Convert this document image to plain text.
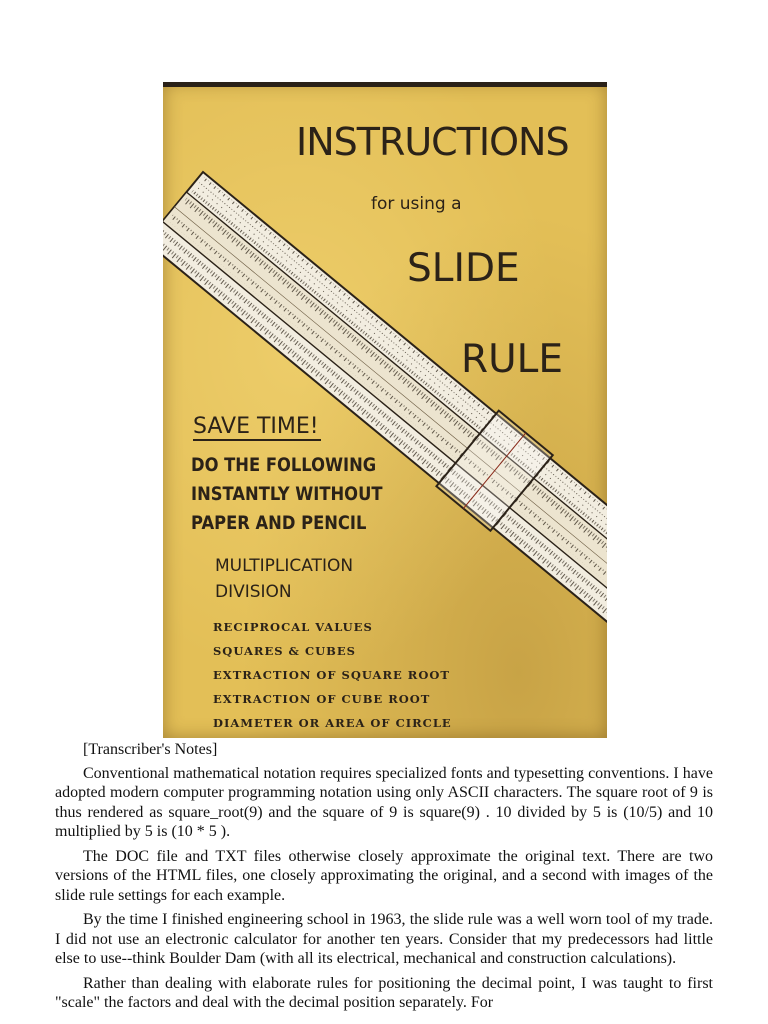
INSTRUCTIONS
for using a
SLIDE
RULE
SAVE TIME!
DO THE FOLLOWING
INSTANTLY WITHOUT
PAPER AND PENCIL
MULTIPLICATION
DIVISION
RECIPROCAL VALUES
SQUARES & CUBES
EXTRACTION OF SQUARE ROOT
EXTRACTION OF CUBE ROOT
DIAMETER OR AREA OF CIRCLE

[Transcriber's Notes]

Conventional mathematical notation requires specialized fonts and typesetting conventions. I have adopted modern computer programming notation using only ASCII characters. The square root of 9 is thus rendered as square_root(9) and the square of 9 is square(9) . 10 divided by 5 is (10/5) and 10 multiplied by 5 is (10 * 5 ).

The DOC file and TXT files otherwise closely approximate the original text. There are two versions of the HTML files, one closely approximating the original, and a second with images of the slide rule settings for each example.

By the time I finished engineering school in 1963, the slide rule was a well worn tool of my trade. I did not use an electronic calculator for another ten years. Consider that my predecessors had little else to use--think Boulder Dam (with all its electrical, mechanical and construction calculations).

Rather than dealing with elaborate rules for positioning the decimal point, I was taught to first "scale" the factors and deal with the decimal position separately. For
